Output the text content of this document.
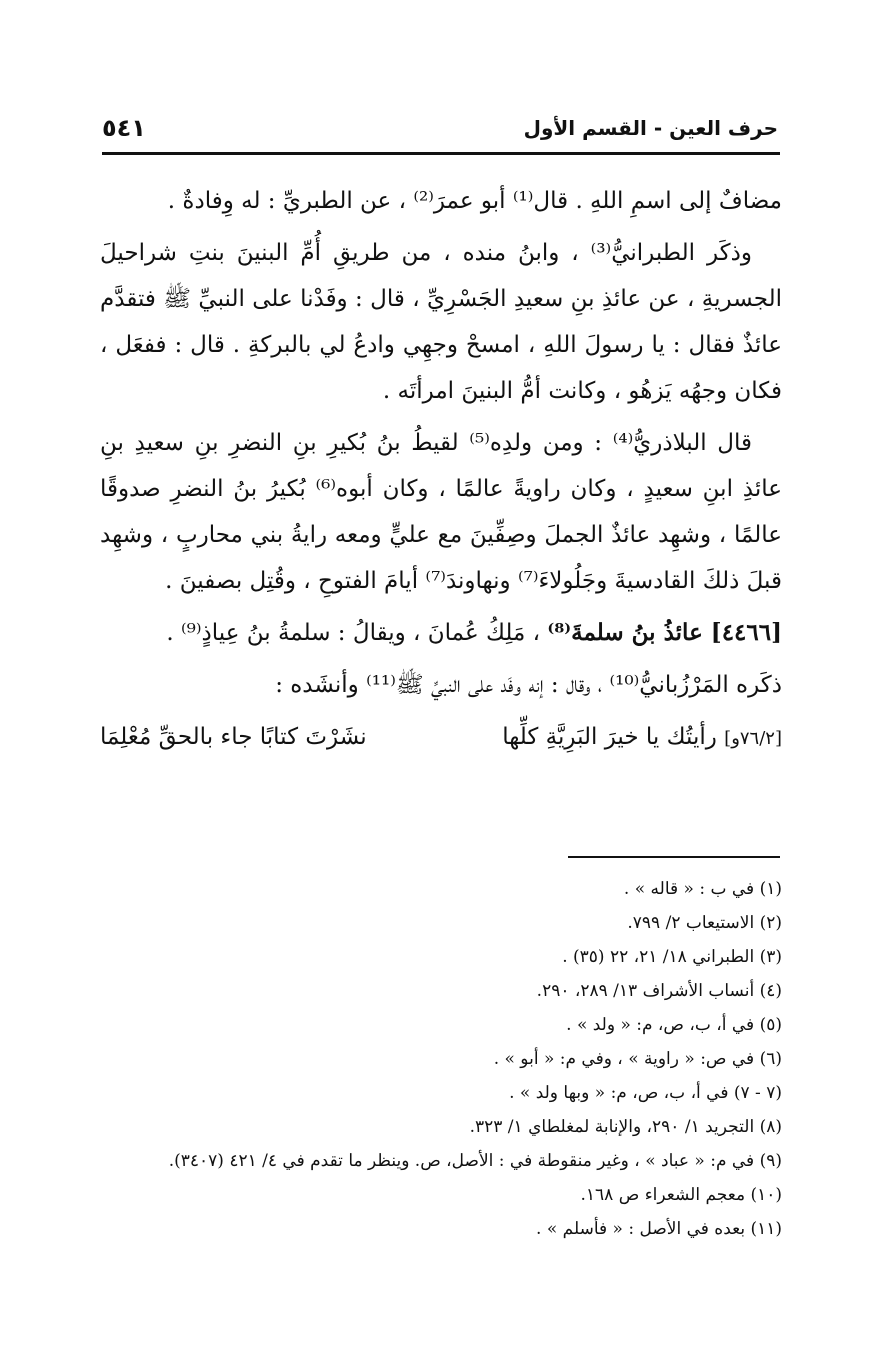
٥٤١	حرف العين - القسم الأول

مضافٌ إلى اسمِ اللهِ . قال⁽¹⁾ أبو عمرَ⁽²⁾ ، عن الطبريِّ : له وِفادةٌ .

وذكَر الطبرانيُّ⁽³⁾ ، وابنُ منده ، من طريقِ أُمِّ البنينَ بنتِ شراحيلَ الجسريةِ ، عن عائذِ بنِ سعيدِ الجَسْرِيِّ ، قال : وفَدْنا على النبيِّ ﷺ فتقدَّم عائذٌ فقال : يا رسولَ اللهِ ، امسحْ وجهِي وادعُ لي بالبركةِ . قال : ففعَل ، فكان وجهُه يَزهُو ، وكانت أمُّ البنينَ امرأتَه .

قال البلاذريُّ⁽⁴⁾ : ومن ولدِه⁽⁵⁾ لقيطُ بنُ بُكيرِ بنِ النضرِ بنِ سعيدِ بنِ عائذِ ابنِ سعيدٍ ، وكان راويةً عالمًا ، وكان أبوه⁽⁶⁾ بُكيرُ بنُ النضرِ صدوقًا عالمًا ، وشهِد عائذٌ الجملَ وصِفِّينَ مع عليٍّ ومعه رايةُ بني محاربٍ ، وشهِد قبلَ ذلكَ القادسيةَ وجَلُولاءَ⁽⁷⁾ ونهاوندَ⁽⁷⁾ أيامَ الفتوحِ ، وقُتِل بصفينَ .

[٤٤٦٦] عائذُ بنُ سلمةَ⁽⁸⁾ ، مَلِكُ عُمانَ ، ويقالُ : سلمةُ بنُ عِياذٍ⁽⁹⁾ .

ذكَره المَرْزُبانيُّ⁽¹⁰⁾ ، وقال : إنه وفَد على النبيِّ ﷺ⁽¹¹⁾ وأنشَده :

[٧٦/٢و] رأيتُك يا خيرَ البَرِيَّةِ كلِّها
نشَرْتَ كتابًا جاء بالحقِّ مُعْلِمَا
(١) في ب : « قاله » .
(٢) الاستيعاب ٢/ ٧٩٩.
(٣) الطبراني ١٨/ ٢١، ٢٢ (٣٥) .
(٤) أنساب الأشراف ١٣/ ٢٨٩، ٢٩٠.
(٥) في أ، ب، ص، م: « ولد » .
(٦) في ص: « راوية » ، وفي م: « أبو » .
(٧ - ٧) في أ، ب، ص، م: « وبها ولد » .
(٨) التجريد ١/ ٢٩٠، والإنابة لمغلطاي ١/ ٣٢٣.
(٩) في م: « عباد » ، وغير منقوطة في : الأصل، ص. وينظر ما تقدم في ٤/ ٤٢١ (٣٤٠٧).
(١٠) معجم الشعراء ص ١٦٨.
(١١) بعده في الأصل : « فأسلم » .
